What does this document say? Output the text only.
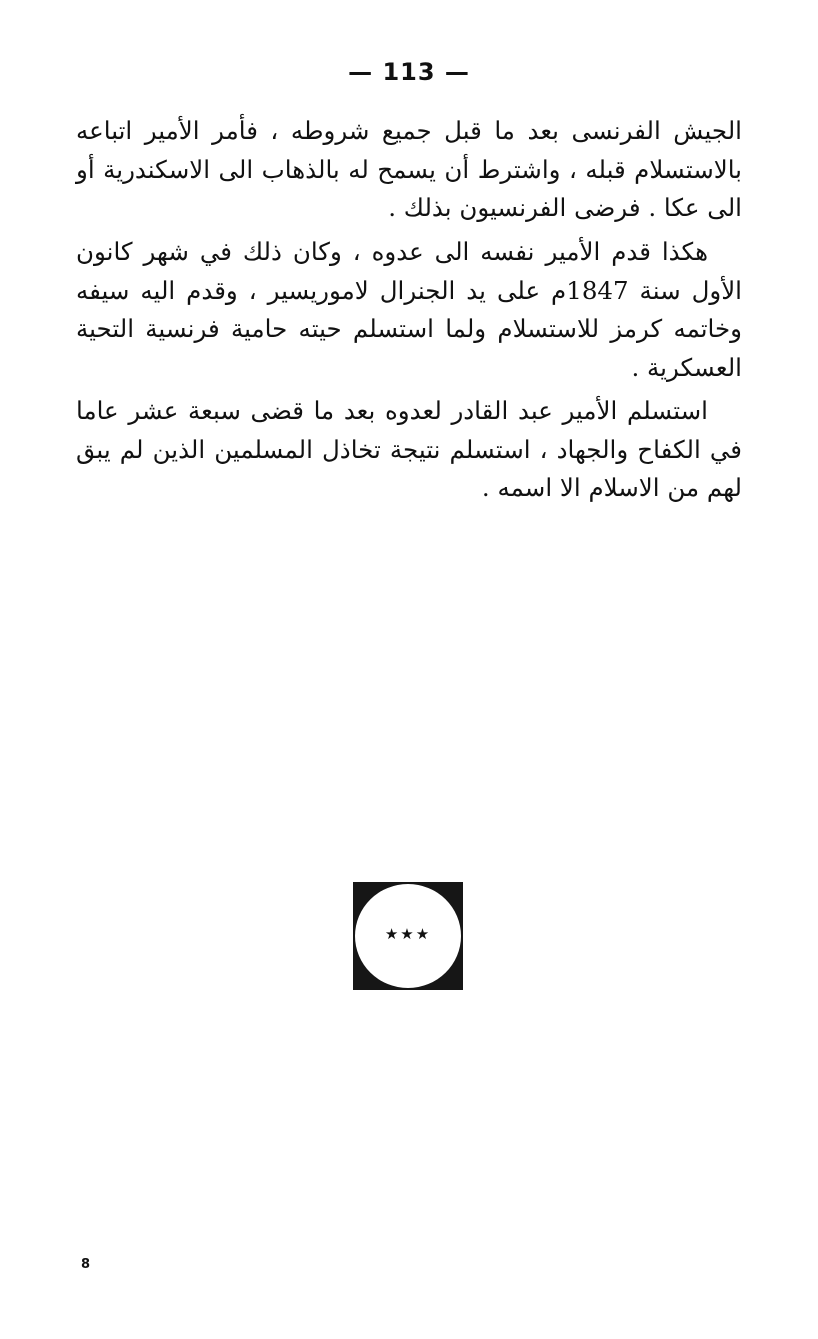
— 113 —

الجيش الفرنسى بعد ما قبل جميع شروطه ، فأمر الأمير اتباعه بالاستسلام قبله ، واشترط أن يسمح له بالذهاب الى الاسكندرية أو الى عكا . فرضى الفرنسيون بذلك .

هكذا قدم الأمير نفسه الى عدوه ، وكان ذلك في شهر كانون الأول سنة 1847م على يد الجنرال لاموريسير ، وقدم اليه سيفه وخاتمه كرمز للاستسلام ولما استسلم حيته حامية فرنسية التحية العسكرية .

استسلم الأمير عبد القادر لعدوه بعد ما قضى سبعة عشر عاما في الكفاح والجهاد ، استسلم نتيجة تخاذل المسلمين الذين لم يبق لهم من الاسلام الا اسمه .

★★★
8
